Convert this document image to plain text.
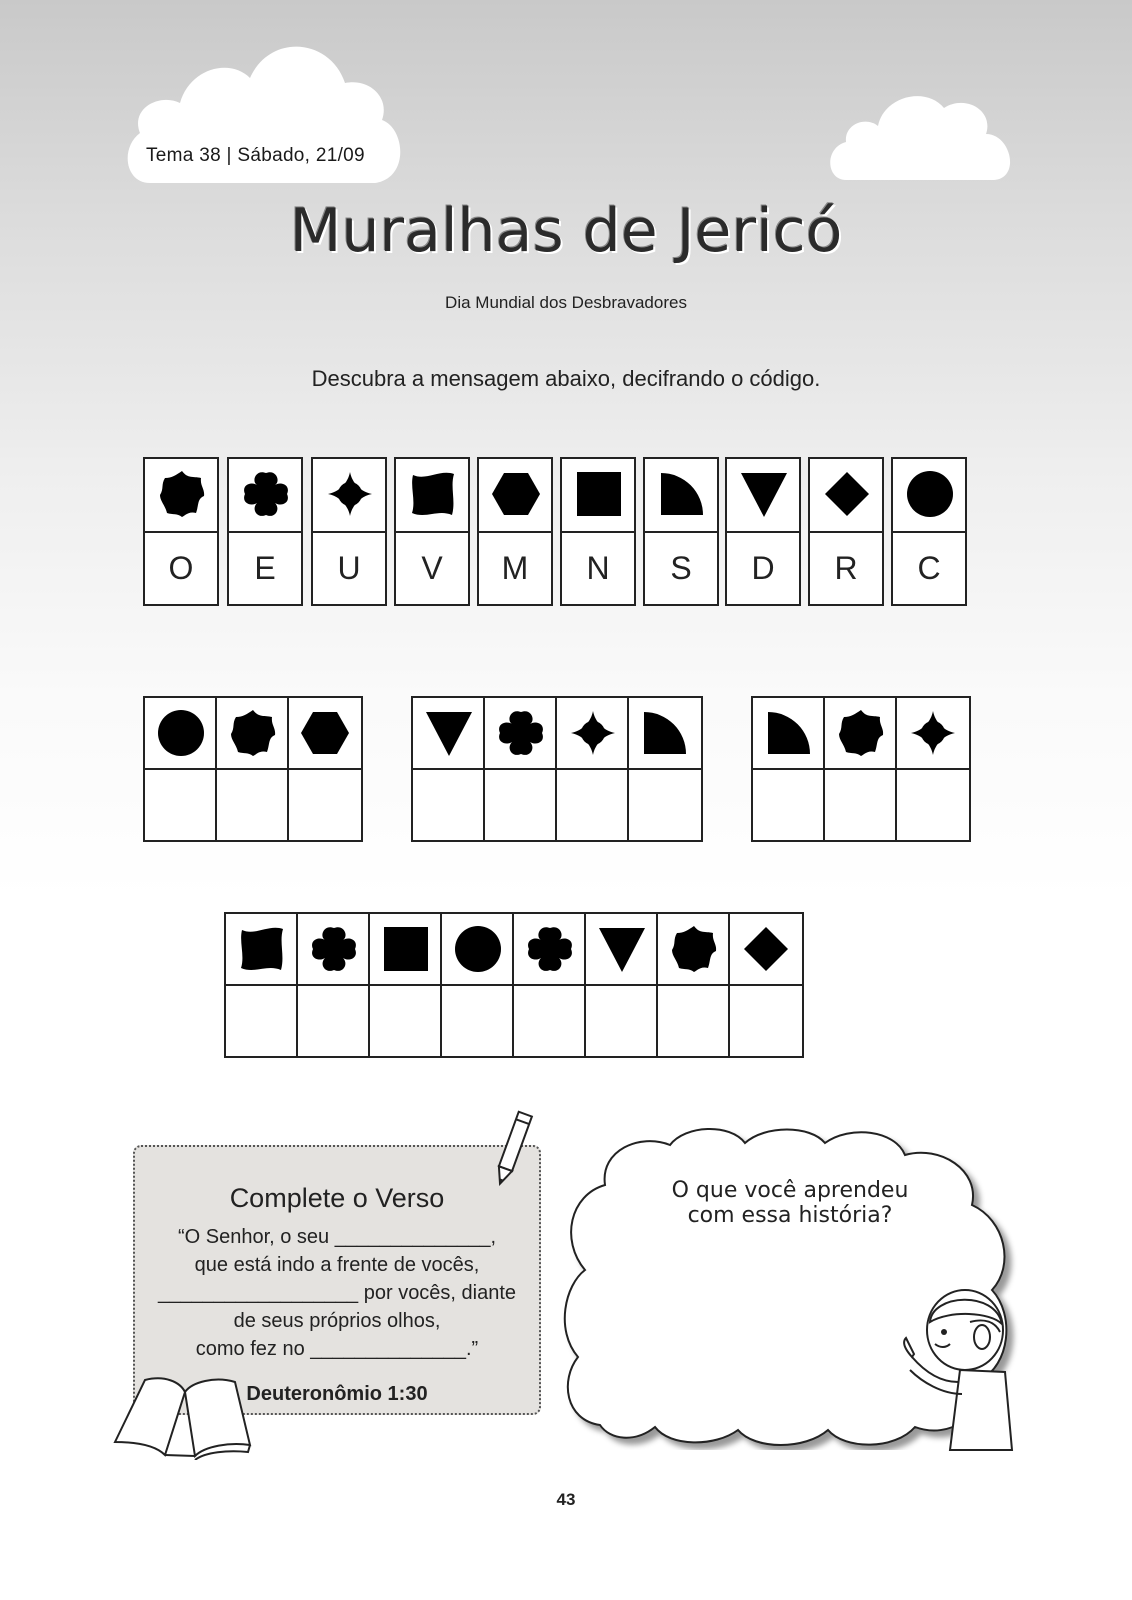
Tema 38 | Sábado, 21/09
Muralhas de Jericó
Dia Mundial dos Desbravadores
Descubra a mensagem abaixo, decifrando o código.
O	E	U	V	M	N	S	D	R	C
Complete o Verso
“O Senhor, o seu ______________,
que está indo a frente de vocês,
__________________ por vocês, diante
de seus próprios olhos,
como fez no ______________.”
Deuteronômio 1:30
O que você aprendeu
com essa história?
43
